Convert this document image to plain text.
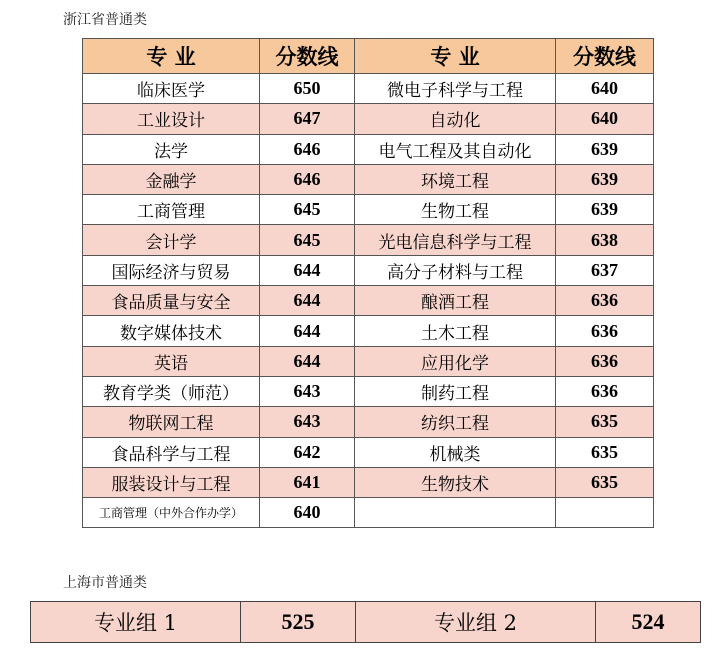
浙江省普通类
专 业	分数线	专 业	分数线
临床医学	650	微电子科学与工程	640
工业设计	647	自动化	640
法学	646	电气工程及其自动化	639
金融学	646	环境工程	639
工商管理	645	生物工程	639
会计学	645	光电信息科学与工程	638
国际经济与贸易	644	高分子材料与工程	637
食品质量与安全	644	酿酒工程	636
数字媒体技术	644	土木工程	636
英语	644	应用化学	636
教育学类（师范）	643	制药工程	636
物联网工程	643	纺织工程	635
食品科学与工程	642	机械类	635
服装设计与工程	641	生物技术	635
工商管理（中外合作办学）	640		
上海市普通类
专业组 1	525	专业组 2	524
